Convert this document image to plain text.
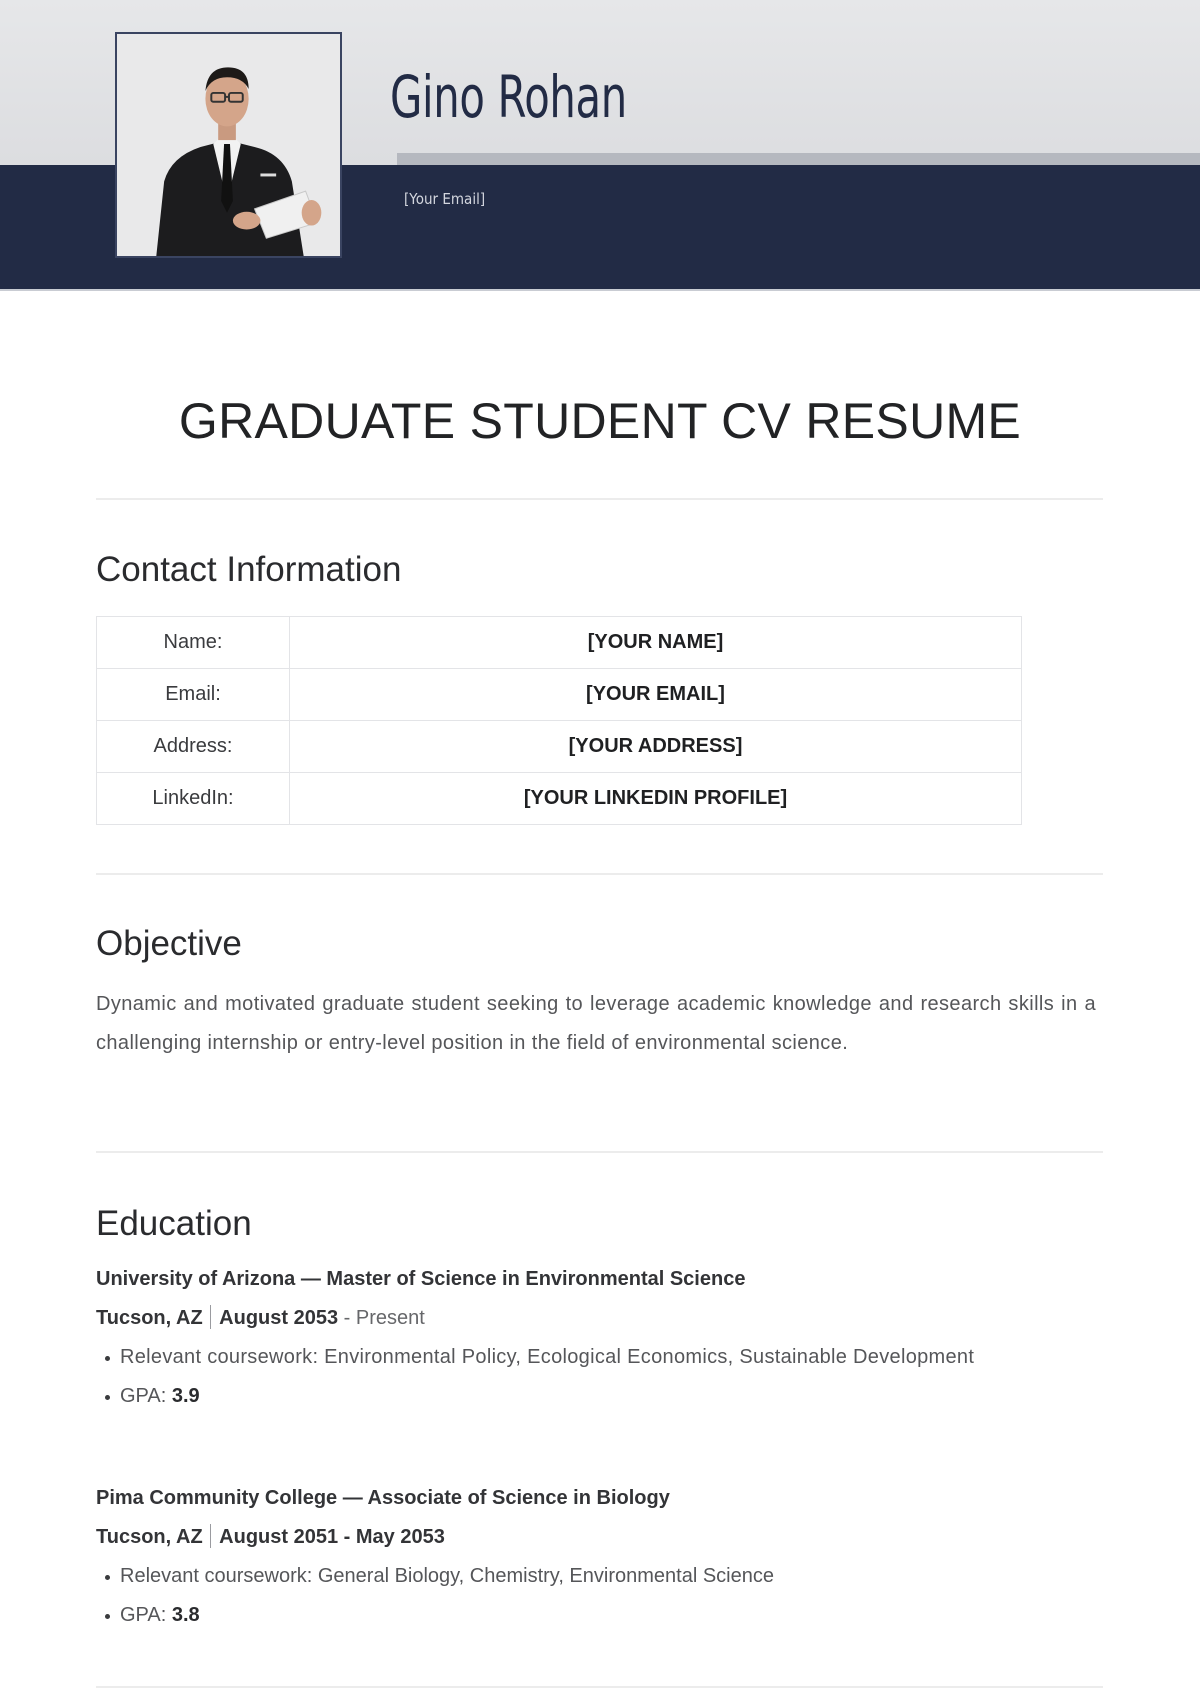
Gino Rohan
[Your Email]
GRADUATE STUDENT CV RESUME
Contact Information
Name:	[YOUR NAME]
Email:	[YOUR EMAIL]
Address:	[YOUR ADDRESS]
LinkedIn:	[YOUR LINKEDIN PROFILE]
Objective

Dynamic and motivated graduate student seeking to leverage academic knowledge and research skills in a challenging internship or entry-level position in the field of environmental science.

Education
University of Arizona — Master of Science in Environmental Science
Tucson, AZ August 2053 - Present
Relevant coursework: Environmental Policy, Ecological Economics, Sustainable Development
GPA: 3.9
Pima Community College — Associate of Science in Biology
Tucson, AZ August 2051 - May 2053
Relevant coursework: General Biology, Chemistry, Environmental Science
GPA: 3.8
